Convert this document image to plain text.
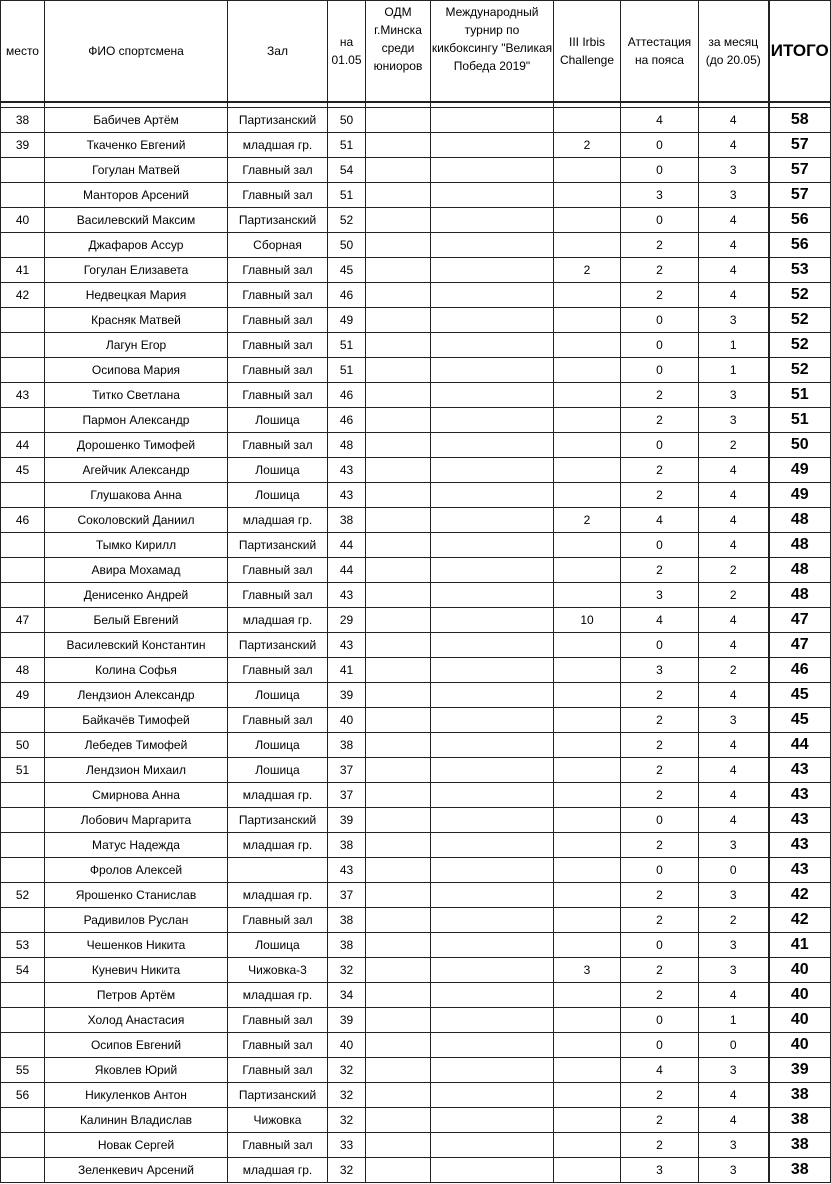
место	ФИО спортсмена	Зал	на 01.05	ОДМ г.Минска среди юниоров	Международный турнир по кикбоксингу "Великая Победа 2019"	III Irbis Challenge	Аттестация на пояса	за месяц (до 20.05)	ИТОГО

38	Бабичев Артём	Партизанский	50				4	4	58
39	Ткаченко Евгений	младшая гр.	51			2	0	4	57
	Гогулан Матвей	Главный зал	54				0	3	57
	Манторов Арсений	Главный зал	51				3	3	57
40	Василевский Максим	Партизанский	52				0	4	56
	Джафаров Ассур	Сборная	50				2	4	56
41	Гогулан Елизавета	Главный зал	45			2	2	4	53
42	Недвецкая Мария	Главный зал	46				2	4	52
	Красняк Матвей	Главный зал	49				0	3	52
	Лагун Егор	Главный зал	51				0	1	52
	Осипова Мария	Главный зал	51				0	1	52
43	Титко Светлана	Главный зал	46				2	3	51
	Пармон Александр	Лошица	46				2	3	51
44	Дорошенко Тимофей	Главный зал	48				0	2	50
45	Агейчик Александр	Лошица	43				2	4	49
	Глушакова Анна	Лошица	43				2	4	49
46	Соколовский Даниил	младшая гр.	38			2	4	4	48
	Тымко Кирилл	Партизанский	44				0	4	48
	Авира Мохамад	Главный зал	44				2	2	48
	Денисенко Андрей	Главный зал	43				3	2	48
47	Белый Евгений	младшая гр.	29			10	4	4	47
	Василевский Константин	Партизанский	43				0	4	47
48	Колина Софья	Главный зал	41				3	2	46
49	Лендзион Александр	Лошица	39				2	4	45
	Байкачёв Тимофей	Главный зал	40				2	3	45
50	Лебедев Тимофей	Лошица	38				2	4	44
51	Лендзион Михаил	Лошица	37				2	4	43
	Смирнова Анна	младшая гр.	37				2	4	43
	Лобович Маргарита	Партизанский	39				0	4	43
	Матус Надежда	младшая гр.	38				2	3	43
	Фролов Алексей		43				0	0	43
52	Ярошенко Станислав	младшая гр.	37				2	3	42
	Радивилов Руслан	Главный зал	38				2	2	42
53	Чешенков Никита	Лошица	38				0	3	41
54	Куневич Никита	Чижовка-3	32			3	2	3	40
	Петров Артём	младшая гр.	34				2	4	40
	Холод Анастасия	Главный зал	39				0	1	40
	Осипов Евгений	Главный зал	40				0	0	40
55	Яковлев Юрий	Главный зал	32				4	3	39
56	Никуленков Антон	Партизанский	32				2	4	38
	Калинин Владислав	Чижовка	32				2	4	38
	Новак Сергей	Главный зал	33				2	3	38
	Зеленкевич Арсений	младшая гр.	32				3	3	38
